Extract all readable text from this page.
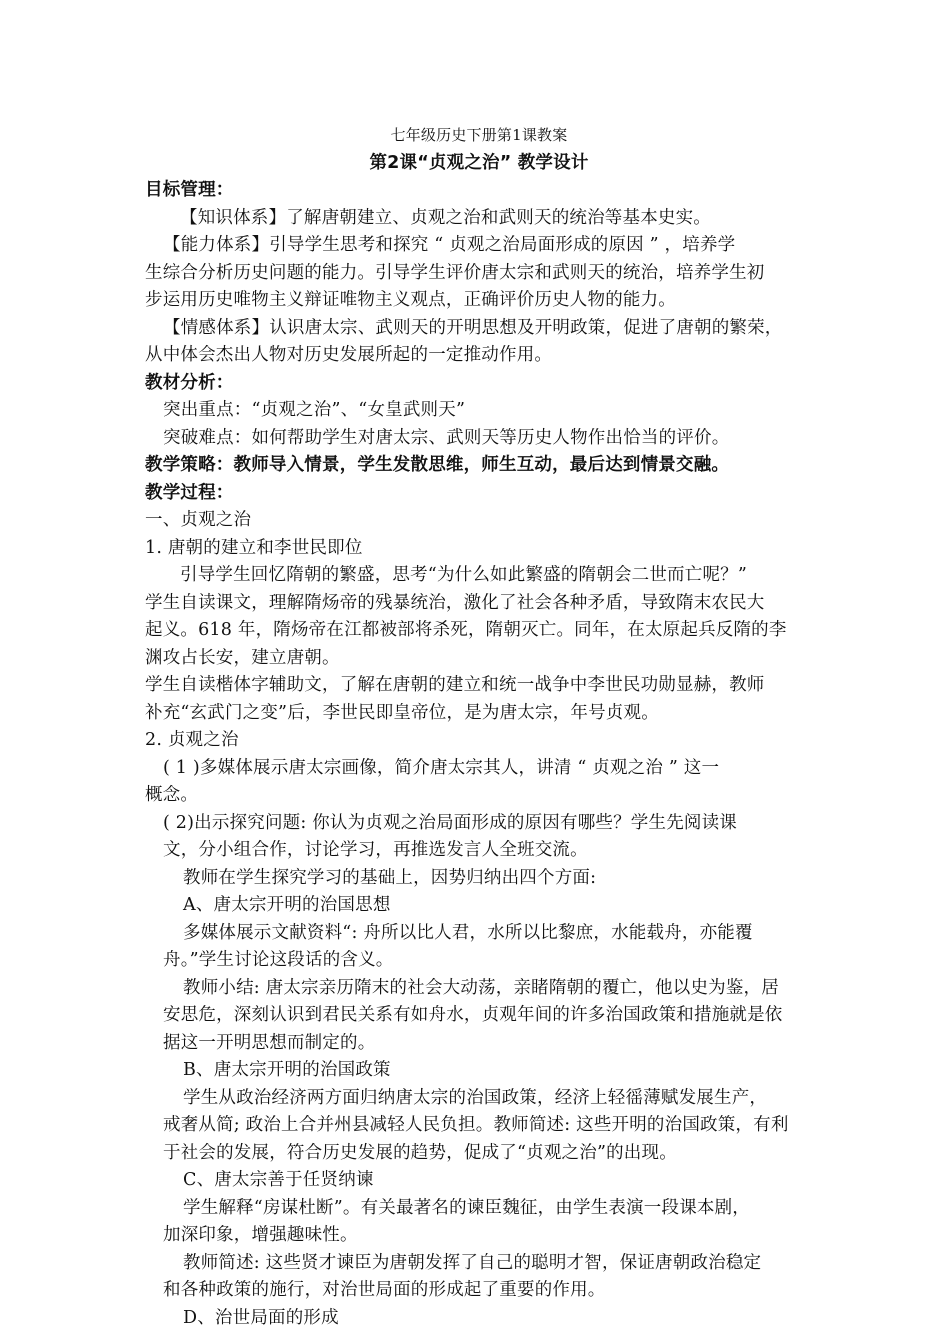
七年级历史下册第1课教案
第2课“贞观之治” 教学设计
目标管理：
【知识体系】了解唐朝建立、贞观之治和武则天的统治等基本史实。
【能力体系】引导学生思考和探究 “ 贞观之治局面形成的原因 ” ，培养学
生综合分析历史问题的能力。引导学生评价唐太宗和武则天的统治，培养学生初
步运用历史唯物主义辩证唯物主义观点，正确评价历史人物的能力。
【情感体系】认识唐太宗、武则天的开明思想及开明政策，促进了唐朝的繁荣，
从中体会杰出人物对历史发展所起的一定推动作用。
教材分析：
突出重点：“贞观之治”、“女皇武则天”
突破难点：如何帮助学生对唐太宗、武则天等历史人物作出恰当的评价。
教学策略：教师导入情景，学生发散思维，师生互动，最后达到情景交融。
教学过程：
一、贞观之治
1. 唐朝的建立和李世民即位
引导学生回忆隋朝的繁盛，思考“为什么如此繁盛的隋朝会二世而亡呢？”
学生自读课文，理解隋炀帝的残暴统治，激化了社会各种矛盾，导致隋末农民大
起义。618 年，隋炀帝在江都被部将杀死，隋朝灭亡。同年，在太原起兵反隋的李
渊攻占长安，建立唐朝。
学生自读楷体字辅助文，了解在唐朝的建立和统一战争中李世民功勋显赫，教师
补充“玄武门之变”后，李世民即皇帝位，是为唐太宗，年号贞观。
2. 贞观之治
( 1 )多媒体展示唐太宗画像，简介唐太宗其人，讲清 “ 贞观之治 ” 这一
概念。
( 2)出示探究问题: 你认为贞观之治局面形成的原因有哪些？学生先阅读课
文，分小组合作，讨论学习，再推选发言人全班交流。
教师在学生探究学习的基础上，因势归纳出四个方面:
A、唐太宗开明的治国思想
多媒体展示文献资料“: 舟所以比人君，水所以比黎庶，水能载舟，亦能覆
舟。”学生讨论这段话的含义。
教师小结: 唐太宗亲历隋末的社会大动荡，亲睹隋朝的覆亡，他以史为鉴，居
安思危，深刻认识到君民关系有如舟水，贞观年间的许多治国政策和措施就是依
据这一开明思想而制定的。
B、唐太宗开明的治国政策
学生从政治经济两方面归纳唐太宗的治国政策，经济上轻徭薄赋发展生产，
戒奢从简; 政治上合并州县减轻人民负担。教师简述: 这些开明的治国政策，有利
于社会的发展，符合历史发展的趋势，促成了“贞观之治”的出现。
C、唐太宗善于任贤纳谏
学生解释“房谋杜断”。有关最著名的谏臣魏征，由学生表演一段课本剧，
加深印象，增强趣味性。
教师简述: 这些贤才谏臣为唐朝发挥了自己的聪明才智，保证唐朝政治稳定
和各种政策的施行，对治世局面的形成起了重要的作用。
D、治世局面的形成
